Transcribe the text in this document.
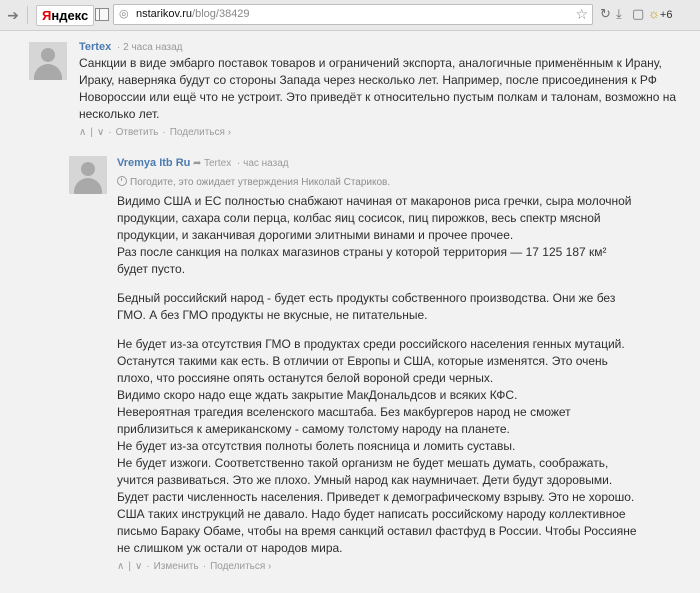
➔	Яндекс	◎ nstarikov.ru/blog/38429	☆ ↻ ⤓ ▢ ☼+6
Tertex · 2 часа назад

Санкции в виде эмбарго поставок товаров и ограничений экспорта, аналогичные применённым к Ирану, Ираку, наверняка будут со стороны Запада через несколько лет. Например, после присоединения к РФ Новороссии или ещё что не устроит. Это приведёт к относительно пустым полкам и талонам, возможно на несколько лет.

∧ | ∨ · Ответить · Поделиться ›
Vremya Itb Ru ➦ Tertex · час назад
Погодите, это ожидает утверждения Николай Стариков.

Видимо США и ЕС полностью снабжают начиная от макаронов риса гречки, сыра молочной продукции, сахара соли перца, колбас яиц сосисок, пиц пирожков, весь спектр мясной продукции, и заканчивая дорогими элитными винами и прочее прочее.

Раз после санкция на полках магазинов страны у которой территория — 17 125 187 км² будет пусто.

Бедный российский народ - будет есть продукты собственного производства. Они же без ГМО. А без ГМО продукты не вкусные, не питательные.

Не будет из-за отсутствия ГМО в продуктах среди российского населения генных мутаций. Останутся такими как есть. В отличии от Европы и США, которые изменятся. Это очень плохо, что россияне опять останутся белой вороной среди черных.

Видимо скоро надо еще ждать закрытие МакДональдсов и всяких КФС.

Невероятная трагедия вселенского масштаба. Без макбургеров народ не сможет приблизиться к американскому - самому толстому народу на планете.

Не будет из-за отсутствия полноты болеть поясница и ломить суставы.

Не будет изжоги. Соответственно такой организм не будет мешать думать, соображать, учится развиваться. Это же плохо. Умный народ как наумничает. Дети будут здоровыми. Будет расти численность населения. Приведет к демографическому взрыву. Это не хорошо.

США таких инструкций не давало. Надо будет написать российскому народу коллективное письмо Бараку Обаме, чтобы на время санкций оставил фастфуд в России. Чтобы Россияне не слишком уж остали от народов мира.

∧ | ∨ · Изменить · Поделиться ›
